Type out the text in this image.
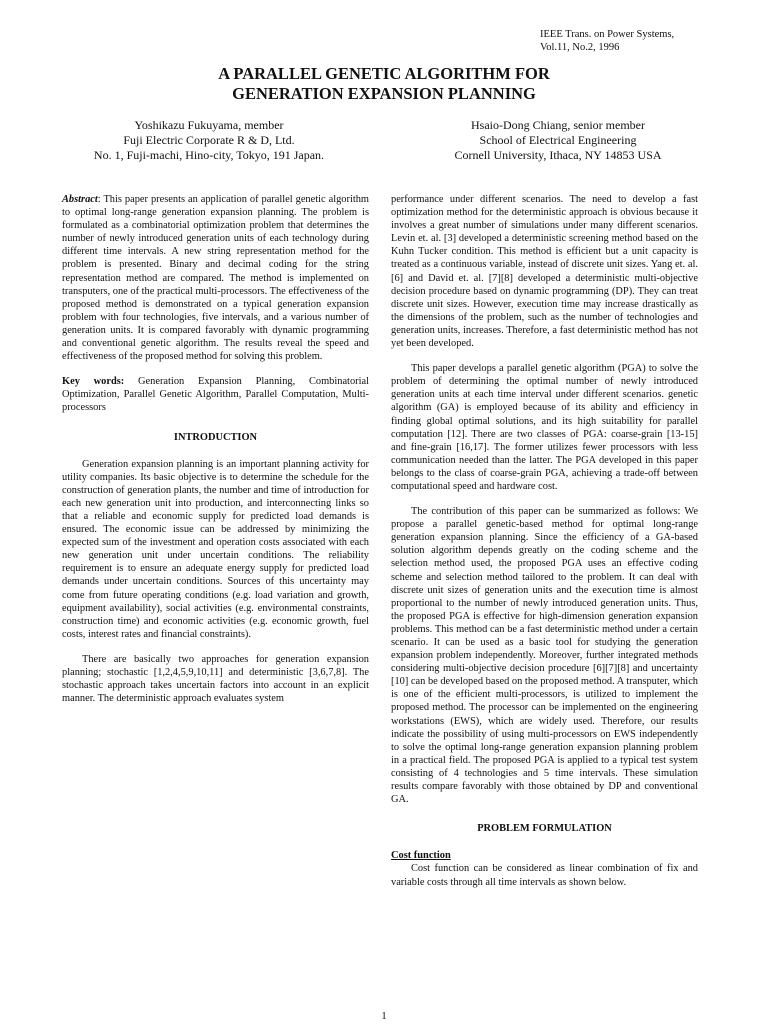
IEEE Trans. on Power Systems,
Vol.11, No.2, 1996
A PARALLEL GENETIC ALGORITHM FOR
GENERATION EXPANSION PLANNING
Yoshikazu Fukuyama, member
Fuji Electric Corporate R & D, Ltd.
No. 1, Fuji-machi, Hino-city, Tokyo, 191 Japan.
Hsaio-Dong Chiang, senior member
School of Electrical Engineering
Cornell University, Ithaca, NY 14853 USA

Abstract: This paper presents an application of parallel genetic algorithm to optimal long-range generation expansion planning. The problem is formulated as a combinatorial optimization problem that determines the number of newly introduced generation units of each technology during different time intervals. A new string representation method for the problem is presented. Binary and decimal coding for the string representation method are compared. The method is implemented on transputers, one of the practical multi-processors. The effectiveness of the proposed method is demonstrated on a typical generation expansion problem with four technologies, five intervals, and a various number of generation units. It is compared favorably with dynamic programming and conventional genetic algorithm. The results reveal the speed and effectiveness of the proposed method for solving this problem.

Key words: Generation Expansion Planning, Combinatorial Optimization, Parallel Genetic Algorithm, Parallel Computation, Multi-processors

INTRODUCTION

Generation expansion planning is an important planning activity for utility companies. Its basic objective is to determine the schedule for the construction of generation plants, the number and time of introduction for each new generation unit into production, and interconnecting links so that a reliable and economic supply for predicted load demands is ensured. The economic issue can be addressed by minimizing the expected sum of the investment and operation costs associated with each new generation unit under uncertain conditions. The reliability requirement is to ensure an adequate energy supply for predicted load demands under uncertain conditions. Sources of this uncertainty may come from future operating conditions (e.g. load variation and growth, equipment availability), social activities (e.g. environmental constraints, construction time) and economic activities (e.g. economic growth, fuel costs, interest rates and financial constraints).

There are basically two approaches for generation expansion planning; stochastic [1,2,4,5,9,10,11] and deterministic [3,6,7,8]. The stochastic approach takes uncertain factors into account in an explicit manner. The deterministic approach evaluates system

performance under different scenarios. The need to develop a fast optimization method for the deterministic approach is obvious because it involves a great number of simulations under many different scenarios. Levin et. al. [3] developed a deterministic screening method based on the Kuhn Tucker condition. This method is efficient but a unit capacity is treated as a continuous variable, instead of discrete unit sizes. Yang et. al. [6] and David et. al. [7][8] developed a deterministic multi-objective decision procedure based on dynamic programming (DP). They can treat discrete unit sizes. However, execution time may increase drastically as the dimensions of the problem, such as the number of technologies and generation units, increases. Therefore, a fast deterministic method has not yet been developed.

This paper develops a parallel genetic algorithm (PGA) to solve the problem of determining the optimal number of newly introduced generation units at each time interval under different scenarios. genetic algorithm (GA) is employed because of its ability and efficiency in finding global optimal solutions, and its high suitability for parallel computation [12]. There are two classes of PGA: coarse-grain [13-15] and fine-grain [16,17]. The former utilizes fewer processors with less communication needed than the latter. The PGA developed in this paper belongs to the class of coarse-grain PGA, achieving a trade-off between computational speed and hardware cost.

The contribution of this paper can be summarized as follows: We propose a parallel genetic-based method for optimal long-range generation expansion planning. Since the efficiency of a GA-based solution algorithm depends greatly on the coding scheme and the selection method used, the proposed PGA uses an effective coding scheme and selection method tailored to the problem. It can deal with discrete unit sizes of generation units and the execution time is almost proportional to the number of newly introduced generation units. Thus, the proposed PGA is effective for high-dimension generation expansion problems. This method can be a fast deterministic method under a certain scenario. It can be used as a basic tool for studying the generation expansion problem independently. Moreover, further integrated methods considering multi-objective decision procedure [6][7][8] and uncertainty [10] can be developed based on the proposed method. A transputer, which is one of the efficient multi-processors, is utilized to implement the proposed method. The processor can be implemented on the engineering workstations (EWS), which are widely used. Therefore, our results indicate the possibility of using multi-processors on EWS independently to solve the optimal long-range generation expansion planning problem in a practical field. The proposed PGA is applied to a typical test system consisting of 4 technologies and 5 time intervals. These simulation results compare favorably with those obtained by DP and conventional GA.

PROBLEM FORMULATION
Cost function

Cost function can be considered as linear combination of fix and variable costs through all time intervals as shown below.

1
